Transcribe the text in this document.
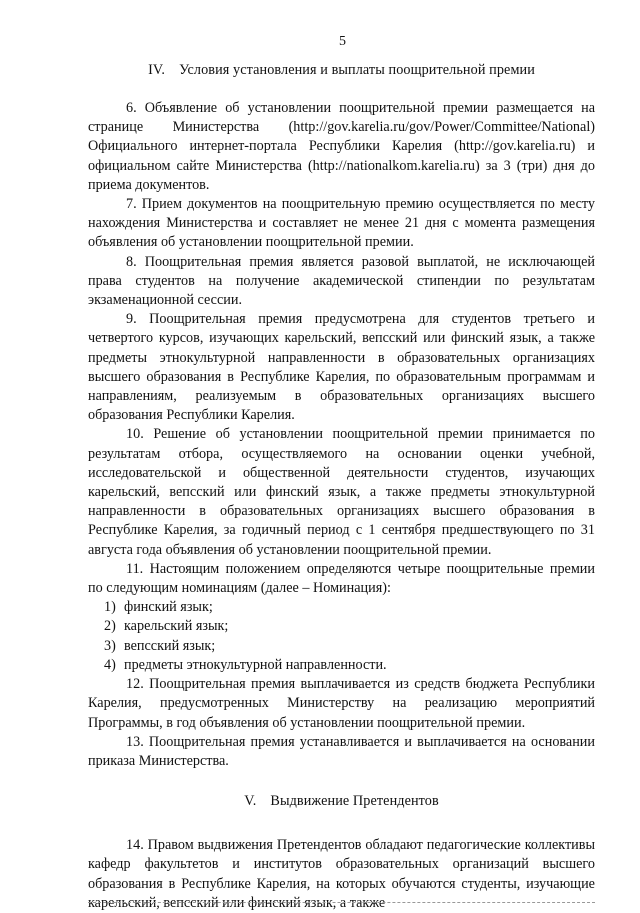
5
IV. Условия установления и выплаты поощрительной премии

6. Объявление об установлении поощрительной премии размещается на странице Министерства (http://gov.karelia.ru/gov/Power/Committee/National) Официального интернет-портала Республики Карелия (http://gov.karelia.ru) и официальном сайте Министерства (http://nationalkom.karelia.ru) за 3 (три) дня до приема документов.

7. Прием документов на поощрительную премию осуществляется по месту нахождения Министерства и составляет не менее 21 дня с момента размещения объявления об установлении поощрительной премии.

8. Поощрительная премия является разовой выплатой, не исключающей права студентов на получение академической стипендии по результатам экзаменационной сессии.

9. Поощрительная премия предусмотрена для студентов третьего и четвертого курсов, изучающих карельский, вепсский или финский язык, а также предметы этнокультурной направленности в образовательных организациях высшего образования в Республике Карелия, по образовательным программам и направлениям, реализуемым в образовательных организациях высшего образования Республики Карелия.

10. Решение об установлении поощрительной премии принимается по результатам отбора, осуществляемого на основании оценки учебной, исследовательской и общественной деятельности студентов, изучающих карельский, вепсский или финский язык, а также предметы этнокультурной направленности в образовательных организациях высшего образования в Республике Карелия, за годичный период с 1 сентября предшествующего по 31 августа года объявления об установлении поощрительной премии.

11. Настоящим положением определяются четыре поощрительные премии по следующим номинациям (далее – Номинация):

1) финский язык;
2) карельский язык;
3) вепсский язык;
4) предметы этнокультурной направленности.

12. Поощрительная премия выплачивается из средств бюджета Республики Карелия, предусмотренных Министерству на реализацию мероприятий Программы, в год объявления об установлении поощрительной премии.

13. Поощрительная премия устанавливается и выплачивается на основании приказа Министерства.

V. Выдвижение Претендентов

14. Правом выдвижения Претендентов обладают педагогические коллективы кафедр факультетов и институтов образовательных организаций высшего образования в Республике Карелия, на которых обучаются студенты, изучающие карельский, вепсский или финский язык, а также
